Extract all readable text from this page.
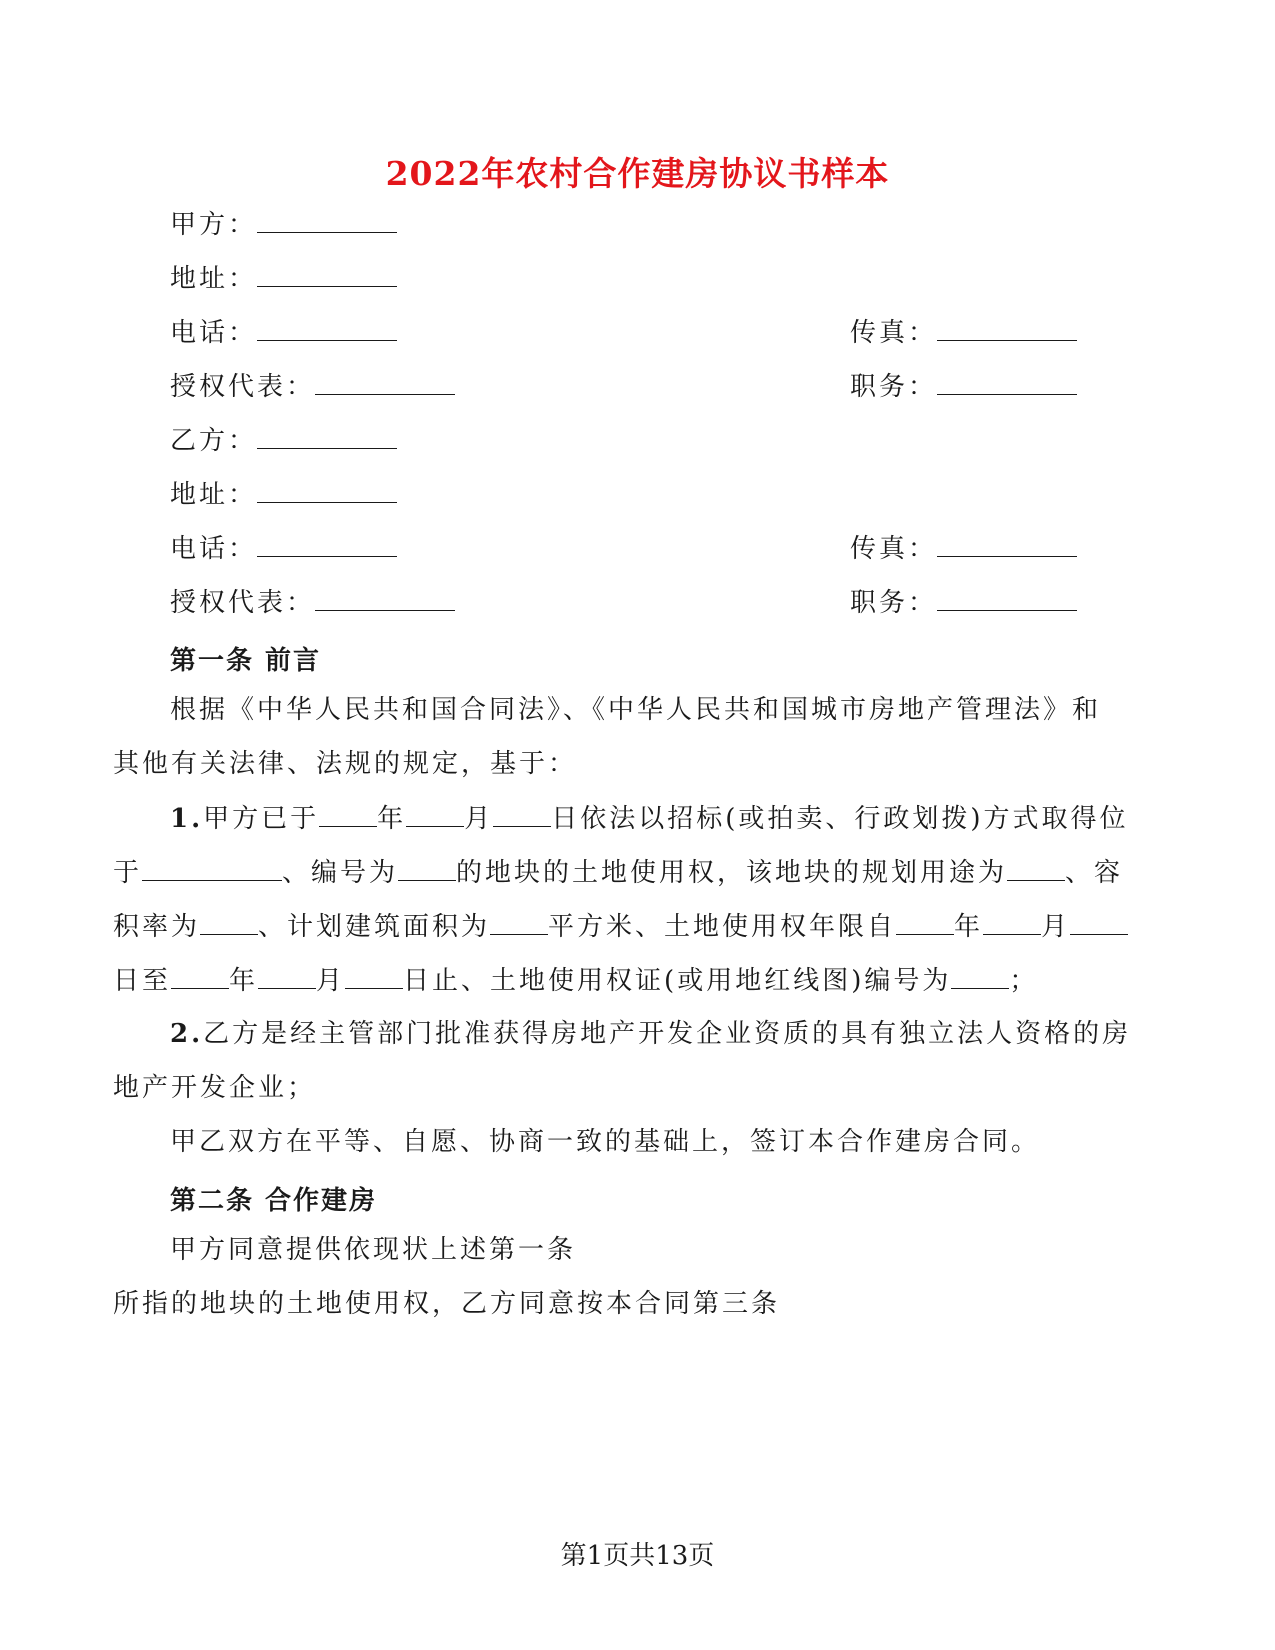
2022年农村合作建房协议书样本
甲方：
地址：
电话：	传真：
授权代表：	职务：
乙方：
地址：
电话：	传真：
授权代表：	职务：
第一条 前言
根据《中华人民共和国合同法》、《中华人民共和国城市房地产管理法》和
其他有关法律、法规的规定，基于：
1.甲方已于 年 月 日依法以招标(或拍卖、行政划拨)方式取得位
于	、编号为 的地块的土地使用权，该地块的规划用途为 、容
积率为 、计划建筑面积为 平方米、土地使用权年限自 年 月
日至 年 月 日止、土地使用权证(或用地红线图)编号为 ；
2.乙方是经主管部门批准获得房地产开发企业资质的具有独立法人资格的房
地产开发企业；
甲乙双方在平等、自愿、协商一致的基础上，签订本合作建房合同。
第二条 合作建房
甲方同意提供依现状上述第一条
所指的地块的土地使用权，乙方同意按本合同第三条
第1页共13页
